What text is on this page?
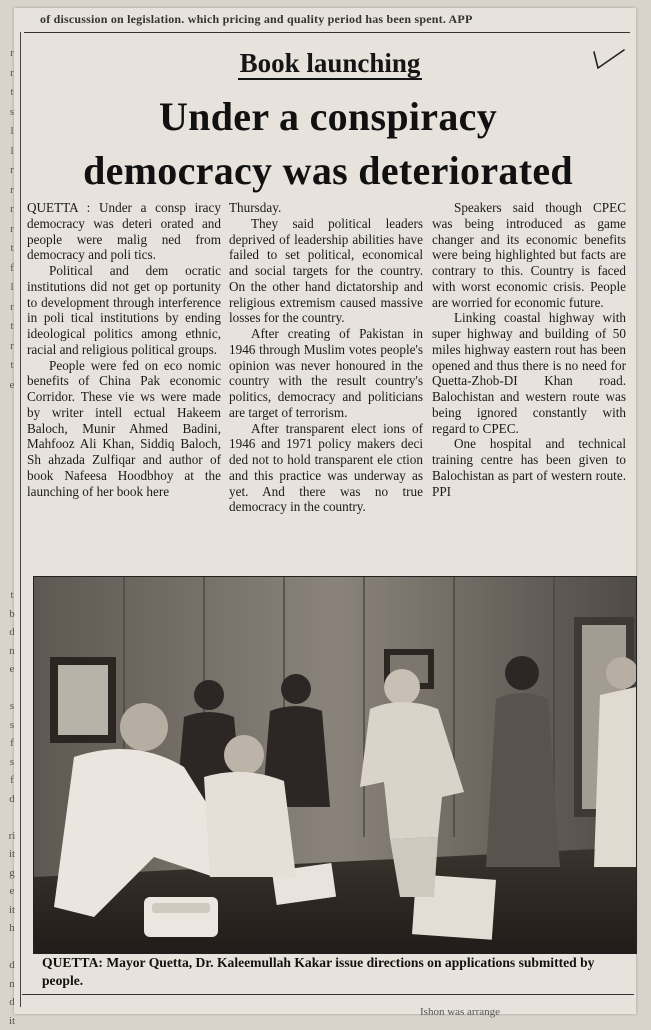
of discussion on legislation. which pricing and quality period has been spent. APP
r
r
t
s
l
l
r
r
r
r
t
f
l
r
t
r
t
e
t
b
d
n
e

s
s
f
s
f
d

ri
it
g
e
it
h

d
n
d
it
Book launching
Under a conspiracy
democracy was deteriorated

QUETTA : Under a consp iracy democracy was deteri orated and people were malig ned from democracy and poli tics.

Political and dem ocratic institutions did not get op portunity to development through interference in poli tical institutions by ending ideological politics among ethnic, racial and religious political groups.

People were fed on eco nomic benefits of China Pak economic Corridor. These vie ws were made by writer intell ectual Hakeem Baloch, Munir Ahmed Badini, Mahfooz Ali Khan, Siddiq Baloch, Sh ahzada Zulfiqar and author of book Nafeesa Hoodbhoy at the launching of her book here

Thursday.

They said political leaders deprived of leadership abilities have failed to set political, economical and social targets for the country. On the other hand dictatorship and religious extremism caused massive losses for the country.

After creating of Pakistan in 1946 through Muslim votes people's opinion was never honoured in the country with the result country's politics, democracy and politicians are target of terrorism.

After transparent elect ions of 1946 and 1971 policy makers deci ded not to hold transparent ele ction and this practice was underway as yet. And there was no true democracy in the country.

Speakers said though CPEC was being introduced as game changer and its economic benefits were being highlighted but facts are contrary to this. Country is faced with worst economic crisis. People are worried for economic future.

Linking coastal highway with super highway and building of 50 miles highway eastern rout has been opened and thus there is no need for Quetta-Zhob-DI Khan road. Balochistan and western route was being ignored constantly with regard to CPEC.

One hospital and technical training centre has been given to Balochistan as part of western route. PPI

QUETTA: Mayor Quetta, Dr. Kaleemullah Kakar issue directions on applications submitted by people.
Ishon was arrange
